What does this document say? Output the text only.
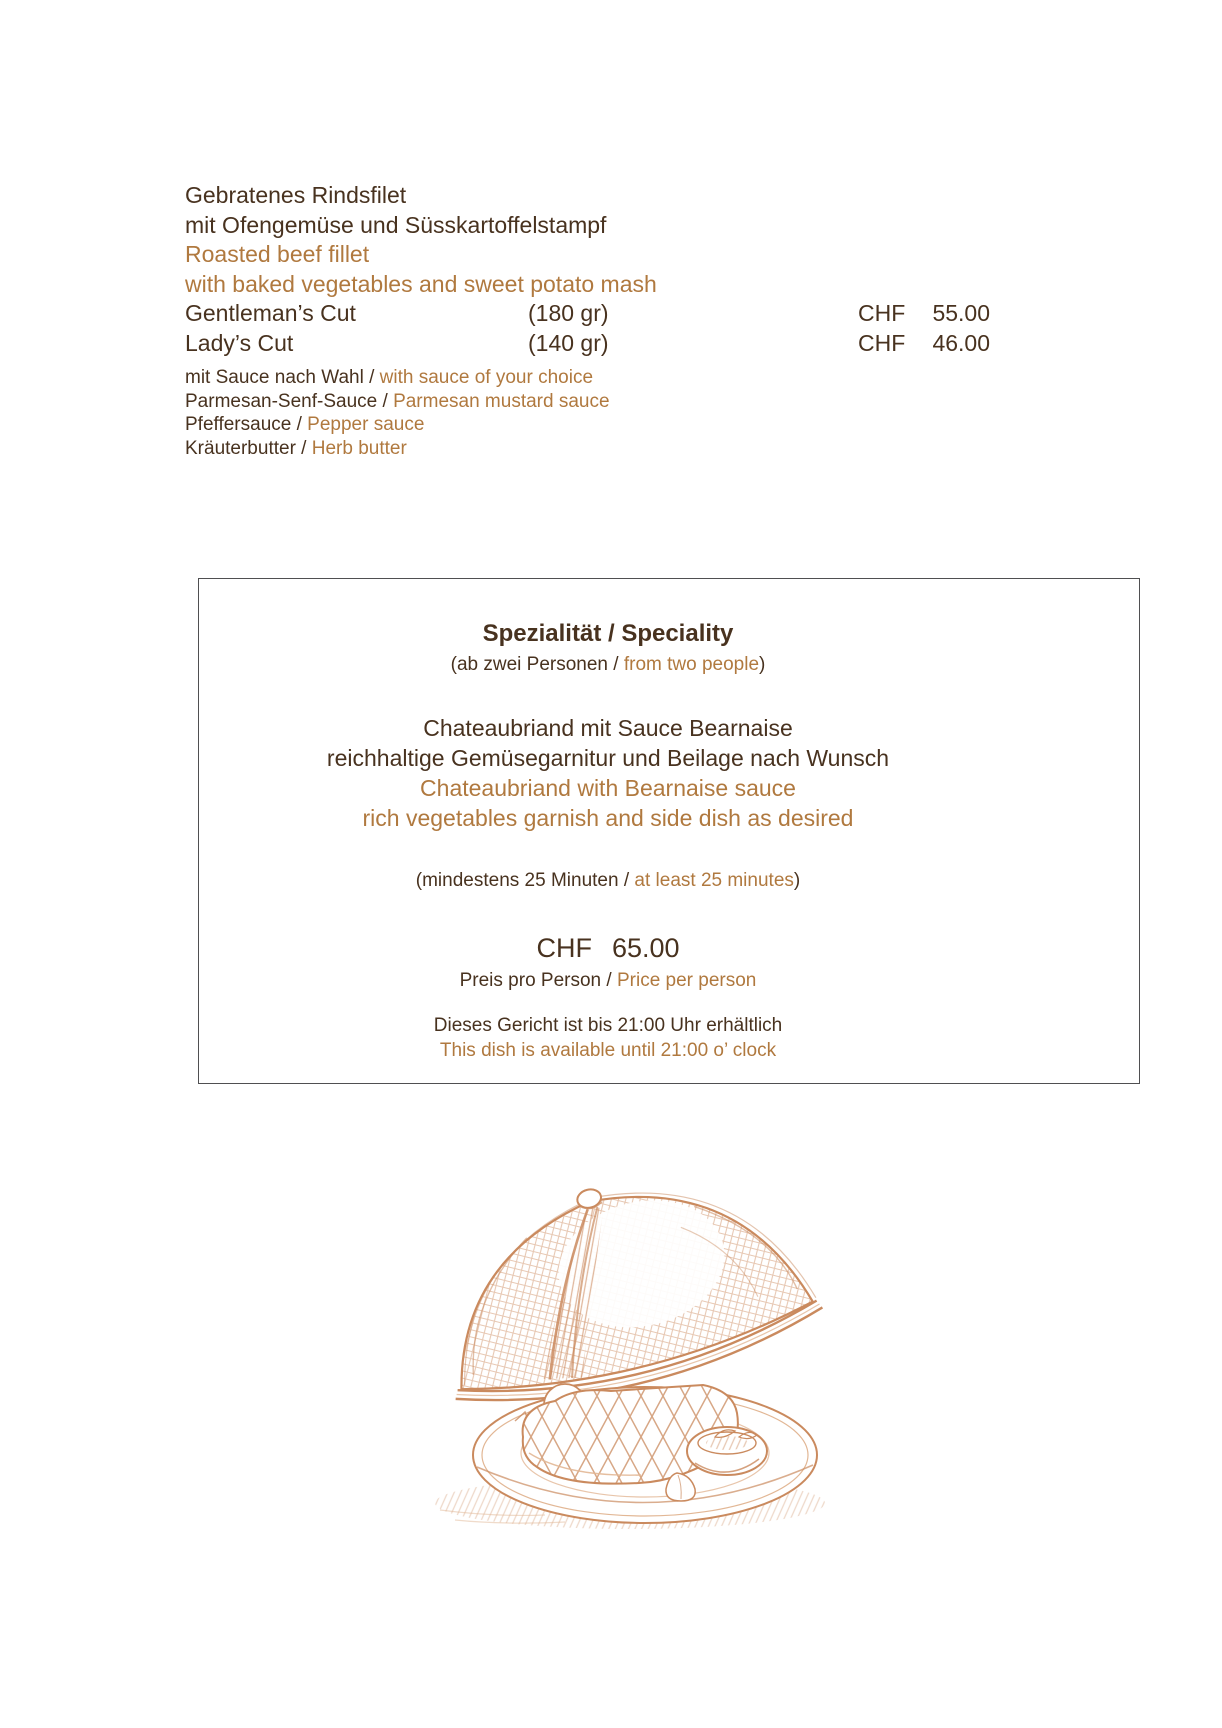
Gebratenes Rindsfilet
mit Ofengemüse und Süsskartoffelstampf
Roasted beef fillet
with baked vegetables and sweet potato mash
Gentleman’s Cut	(180 gr)	CHF	55.00
Lady’s Cut	(140 gr)	CHF	46.00
mit Sauce nach Wahl / with sauce of your choice
Parmesan-Senf-Sauce / Parmesan mustard sauce
Pfeffersauce / Pepper sauce
Kräuterbutter / Herb butter
Spezialität / Speciality
(ab zwei Personen / from two people)
Chateaubriand mit Sauce Bearnaise
reichhaltige Gemüsegarnitur und Beilage nach Wunsch
Chateaubriand with Bearnaise sauce
rich vegetables garnish and side dish as desired
(mindestens 25 Minuten / at least 25 minutes)
CHF 65.00
Preis pro Person / Price per person
Dieses Gericht ist bis 21:00 Uhr erhältlich
This dish is available until 21:00 o’ clock
